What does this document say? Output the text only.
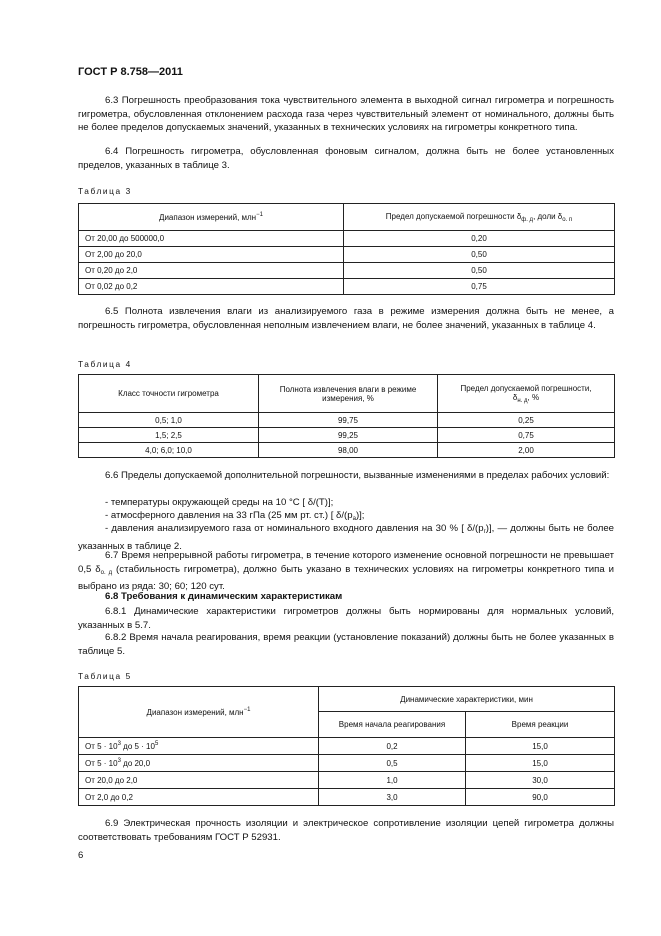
ГОСТ Р 8.758—2011
6.3 Погрешность преобразования тока чувствительного элемента в выходной сигнал гигрометра и погрешность гигрометра, обусловленная отклонением расхода газа через чувствительный элемент от номинального, должны быть не более пределов допускаемых значений, указанных в технических условиях на гигрометры конкретного типа.
6.4 Погрешность гигрометра, обусловленная фоновым сигналом, должна быть не более установленных пределов, указанных в таблице 3.
Таблица 3
Диапазон измерений, млн$^{-1}$	Предел допускаемой погрешности $\delta_{ф. д}$, доли $\delta_{о. п}$
От 20,00 до 500000,0	0,20
От 2,00 до 20,0	0,50
От 0,20 до 2,0	0,50
От 0,02 до 0,2	0,75
6.5 Полнота извлечения влаги из анализируемого газа в режиме измерения должна быть не менее, а погрешность гигрометра, обусловленная неполным извлечением влаги, не более значений, указанных в таблице 4.
Таблица 4
Класс точности гигрометра	Полнота извлечения влаги в режиме измерения, %	Предел допускаемой погрешности,
$\delta_{н. д}$, %
0,5; 1,0	99,75	0,25
1,5; 2,5	99,25	0,75
4,0; 6,0; 10,0	98,00	2,00
6.6 Пределы допускаемой дополнительной погрешности, вызванные изменениями в пределах рабочих условий:
- температуры окружающей среды на 10 °С [ δ/(T)];
- атмосферного давления на 33 гПа (25 мм рт. ст.) [ $\delta/(p_a)$];
- давления анализируемого газа от номинального входного давления на 30 % [ $\delta/(p_г)$], — должны быть не более указанных в таблице 2.
6.7 Время непрерывной работы гигрометра, в течение которого изменение основной погрешности не превышает 0,5 $\delta_{о. д}$ (стабильность гигрометра), должно быть указано в технических условиях на гигрометры конкретного типа и выбрано из ряда: 30; 60; 120 сут.
6.8 Требования к динамическим характеристикам
6.8.1 Динамические характеристики гигрометров должны быть нормированы для нормальных условий, указанных в 5.7.
6.8.2 Время начала реагирования, время реакции (установление показаний) должны быть не более указанных в таблице 5.
Таблица 5
Диапазон измерений, млн$^{-1}$	Динамические характеристики, мин	
	Время начала реагирования	Время реакции
От $5 \cdot 10^3$ до $5 \cdot 10^5$	0,2	15,0
От $5 \cdot 10^3$ до 20,0	0,5	15,0
От 20,0 до 2,0	1,0	30,0
От 2,0 до 0,2	3,0	90,0
6.9 Электрическая прочность изоляции и электрическое сопротивление изоляции цепей гигрометра должны соответствовать требованиям ГОСТ Р 52931.
6
